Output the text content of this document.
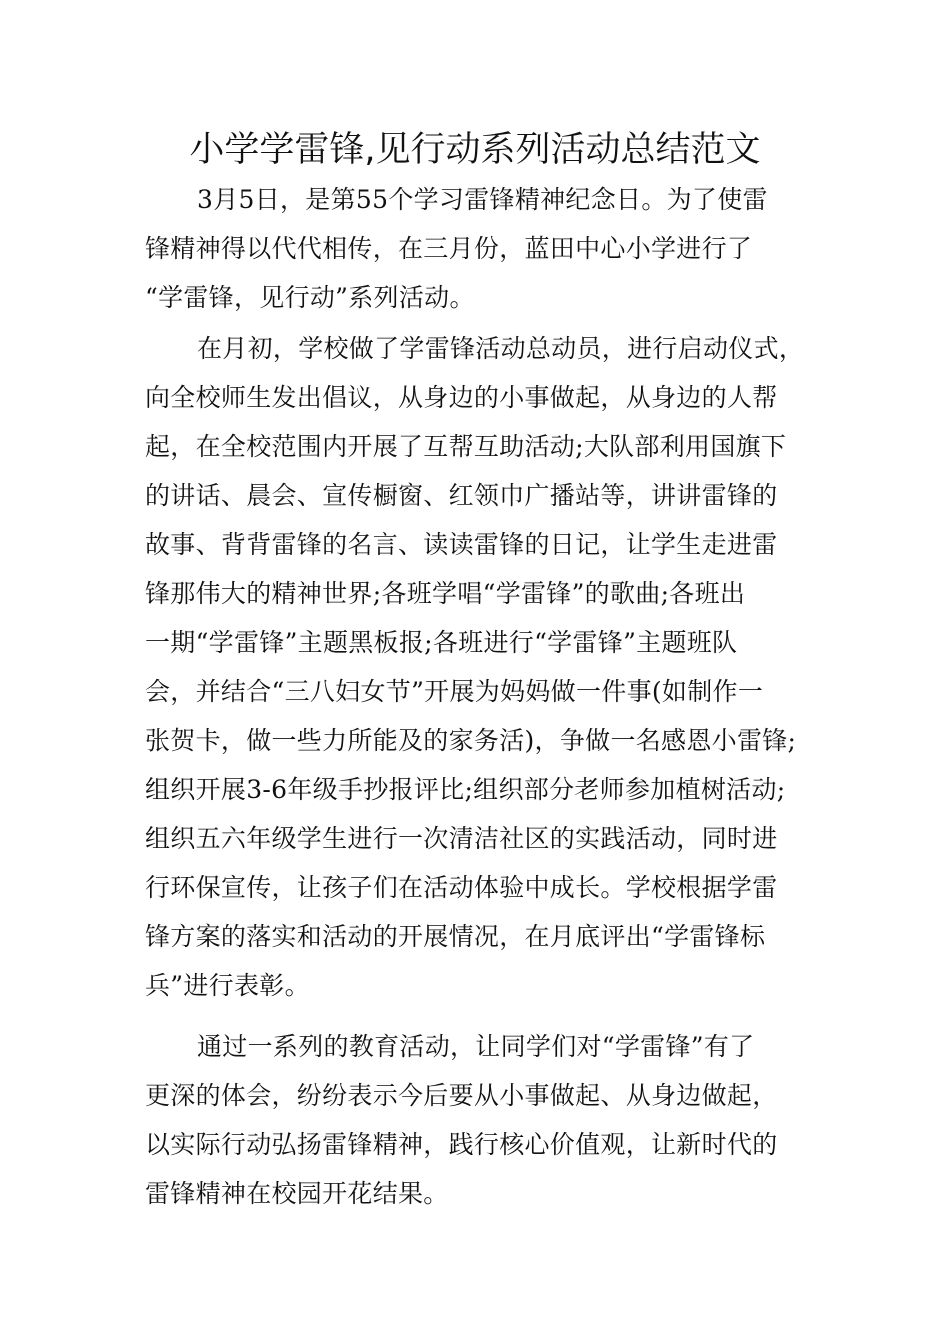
小学学雷锋,见行动系列活动总结范文
3月5日，是第55个学习雷锋精神纪念日。为了使雷
锋精神得以代代相传，在三月份，蓝田中心小学进行了
“学雷锋，见行动”系列活动。
在月初，学校做了学雷锋活动总动员，进行启动仪式，
向全校师生发出倡议，从身边的小事做起，从身边的人帮
起，在全校范围内开展了互帮互助活动;大队部利用国旗下
的讲话、晨会、宣传橱窗、红领巾广播站等，讲讲雷锋的
故事、背背雷锋的名言、读读雷锋的日记，让学生走进雷
锋那伟大的精神世界;各班学唱“学雷锋”的歌曲;各班出
一期“学雷锋”主题黑板报;各班进行“学雷锋”主题班队
会，并结合“三八妇女节”开展为妈妈做一件事(如制作一
张贺卡，做一些力所能及的家务活)，争做一名感恩小雷锋;
组织开展3-6年级手抄报评比;组织部分老师参加植树活动;
组织五六年级学生进行一次清洁社区的实践活动，同时进
行环保宣传，让孩子们在活动体验中成长。学校根据学雷
锋方案的落实和活动的开展情况，在月底评出“学雷锋标
兵”进行表彰。
通过一系列的教育活动，让同学们对“学雷锋”有了
更深的体会，纷纷表示今后要从小事做起、从身边做起，
以实际行动弘扬雷锋精神，践行核心价值观，让新时代的
雷锋精神在校园开花结果。
